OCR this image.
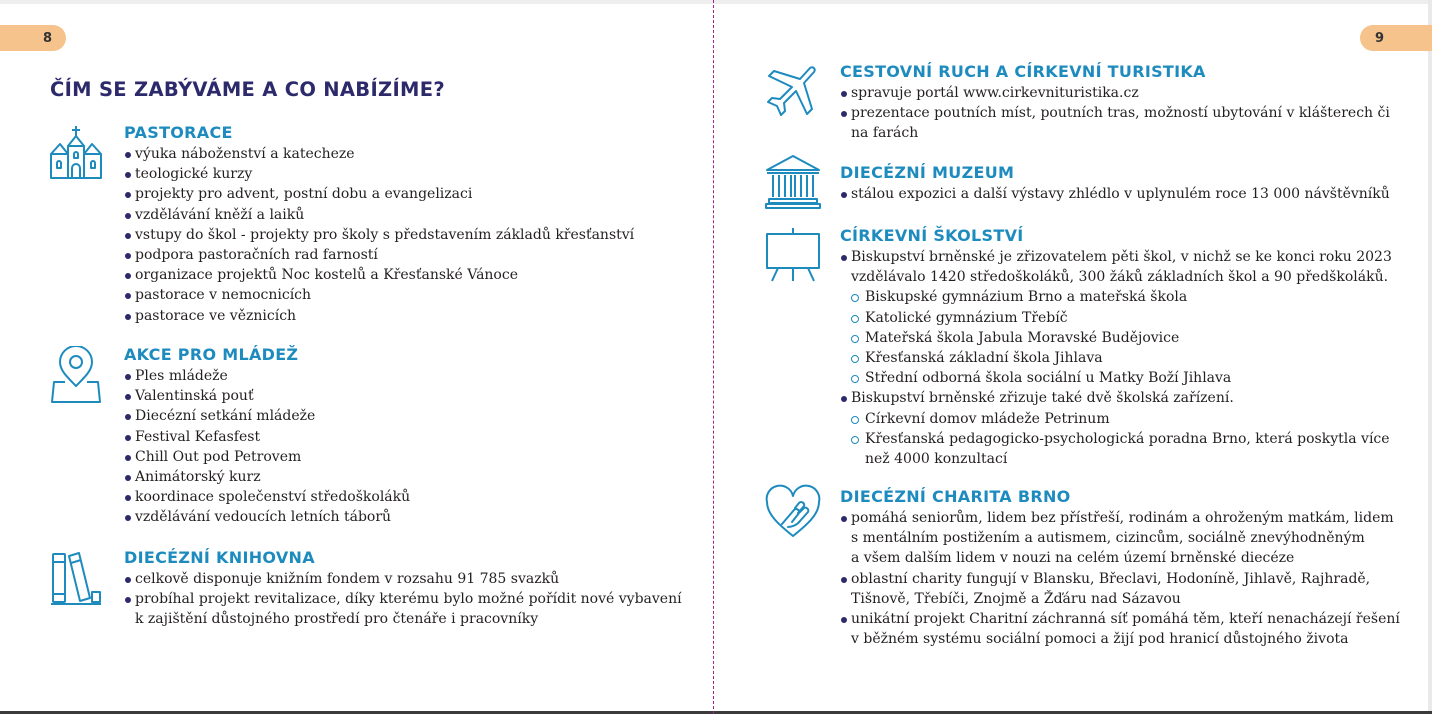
8	9
ČÍM SE ZABÝVÁME A CO NABÍZÍME?
PASTORACE
výuka náboženství a katecheze
teologické kurzy
projekty pro advent, postní dobu a evangelizaci
vzdělávání kněží a laiků
vstupy do škol - projekty pro školy s představením základů křesťanství
podpora pastoračních rad farností
organizace projektů Noc kostelů a Křesťanské Vánoce
pastorace v nemocnicích
pastorace ve věznicích
AKCE PRO MLÁDEŽ
Ples mládeže
Valentinská pouť
Diecézní setkání mládeže
Festival Kefasfest
Chill Out pod Petrovem
Animátorský kurz
koordinace společenství středoškoláků
vzdělávání vedoucích letních táborů
DIECÉZNÍ KNIHOVNA
celkově disponuje knižním fondem v rozsahu 91 785 svazků
probíhal projekt revitalizace, díky kterému bylo možné pořídit nové vybavení
k zajištění důstojného prostředí pro čtenáře i pracovníky
CESTOVNÍ RUCH A CÍRKEVNÍ TURISTIKA
spravuje portál www.cirkevnituristika.cz
prezentace poutních míst, poutních tras, možností ubytování v klášterech či
na farách
DIECÉZNÍ MUZEUM
stálou expozici a další výstavy zhlédlo v uplynulém roce 13 000 návštěvníků
CÍRKEVNÍ ŠKOLSTVÍ
Biskupství brněnské je zřizovatelem pěti škol, v nichž se ke konci roku 2023
vzdělávalo 1420 středoškoláků, 300 žáků základních škol a 90 předškoláků.
Biskupské gymnázium Brno a mateřská škola
Katolické gymnázium Třebíč
Mateřská škola Jabula Moravské Budějovice
Křesťanská základní škola Jihlava
Střední odborná škola sociální u Matky Boží Jihlava
Biskupství brněnské zřizuje také dvě školská zařízení.
Církevní domov mládeže Petrinum
Křesťanská pedagogicko-psychologická poradna Brno, která poskytla více
než 4000 konzultací
DIECÉZNÍ CHARITA BRNO
pomáhá seniorům, lidem bez přístřeší, rodinám a ohroženým matkám, lidem
s mentálním postižením a autismem, cizincům, sociálně znevýhodněným
a všem dalším lidem v nouzi na celém území brněnské diecéze
oblastní charity fungují v Blansku, Břeclavi, Hodoníně, Jihlavě, Rajhradě,
Tišnově, Třebíči, Znojmě a Žďáru nad Sázavou
unikátní projekt Charitní záchranná síť pomáhá těm, kteří nenacházejí řešení
v běžném systému sociální pomoci a žijí pod hranicí důstojného života
